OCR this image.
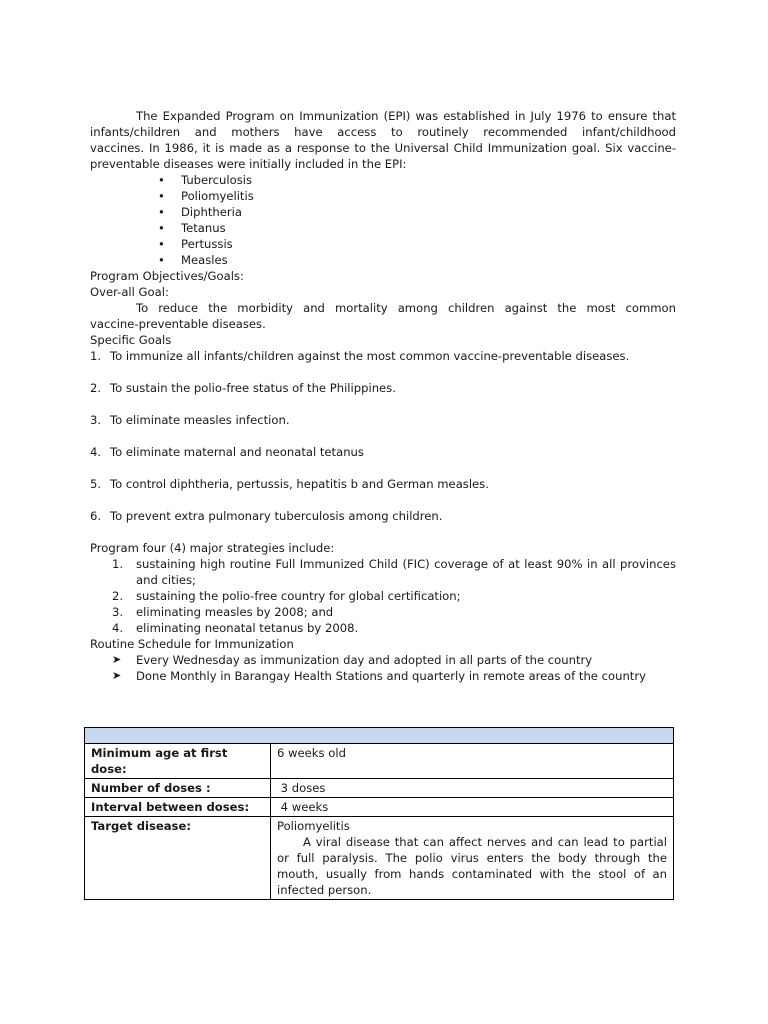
The Expanded Program on Immunization (EPI) was established in July 1976 to ensure that
infants/children and mothers have access to routinely recommended infant/childhood
vaccines. In 1986, it is made as a response to the Universal Child Immunization goal. Six vaccine-
preventable diseases were initially included in the EPI:
• Tuberculosis
• Poliomyelitis
• Diphtheria
• Tetanus
• Pertussis
• Measles
Program Objectives/Goals:
Over-all Goal:
To reduce the morbidity and mortality among children against the most common
vaccine-preventable diseases.
Specific Goals
1. To immunize all infants/children against the most common vaccine-preventable diseases.
2. To sustain the polio-free status of the Philippines.
3. To eliminate measles infection.
4. To eliminate maternal and neonatal tetanus
5. To control diphtheria, pertussis, hepatitis b and German measles.
6. To prevent extra pulmonary tuberculosis among children.
Program four (4) major strategies include:
1. sustaining high routine Full Immunized Child (FIC) coverage of at least 90% in all provinces
and cities;
2. sustaining the polio-free country for global certification;
3. eliminating measles by 2008; and
4. eliminating neonatal tetanus by 2008.
Routine Schedule for Immunization
➤ Every Wednesday as immunization day and adopted in all parts of the country
➤ Done Monthly in Barangay Health Stations and quarterly in remote areas of the country

Minimum age at first dose:	6 weeks old
Number of doses :	3 doses
Interval between doses:	4 weeks
Target disease:	Poliomyelitis
A viral disease that can affect nerves and can lead to partial or full paralysis. The polio virus enters the body through the mouth, usually from hands contaminated with the stool of an infected person.
